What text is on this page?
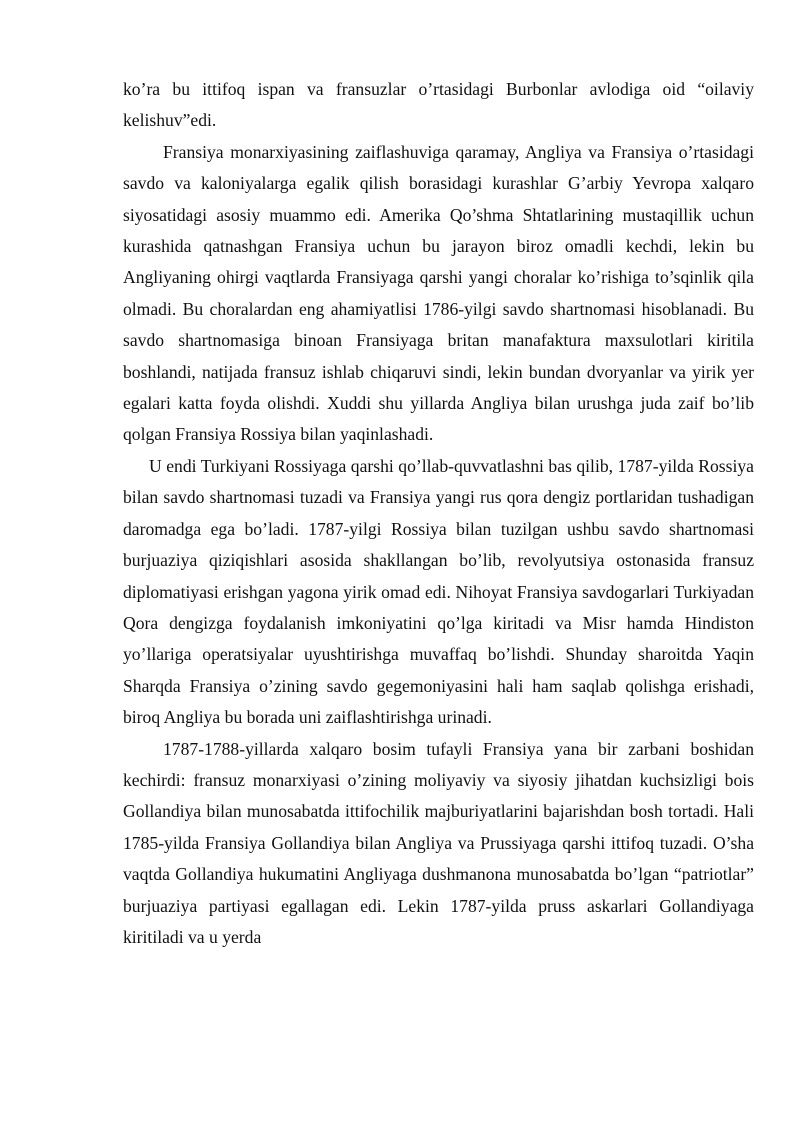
ko’ra bu ittifoq ispan va fransuzlar o’rtasidagi Burbonlar avlodiga oid “oilaviy kelishuv”edi.

Fransiya monarxiyasining zaiflashuviga qaramay, Angliya va Fransiya o’rtasidagi savdo va kaloniyalarga egalik qilish borasidagi kurashlar G’arbiy Yevropa xalqaro siyosatidagi asosiy muammo edi. Amerika Qo’shma Shtatlarining mustaqillik uchun kurashida qatnashgan Fransiya uchun bu jarayon biroz omadli kechdi, lekin bu Angliyaning ohirgi vaqtlarda Fransiyaga qarshi yangi choralar ko’rishiga to’sqinlik qila olmadi. Bu choralardan eng ahamiyatlisi 1786-yilgi savdo shartnomasi hisoblanadi. Bu savdo shartnomasiga binoan Fransiyaga britan manafaktura maxsulotlari kiritila boshlandi, natijada fransuz ishlab chiqaruvi sindi, lekin bundan dvoryanlar va yirik yer egalari katta foyda olishdi. Xuddi shu yillarda Angliya bilan urushga juda zaif bo’lib qolgan Fransiya Rossiya bilan yaqinlashadi.

U endi Turkiyani Rossiyaga qarshi qo’llab-quvvatlashni bas qilib, 1787-yilda Rossiya bilan savdo shartnomasi tuzadi va Fransiya yangi rus qora dengiz portlaridan tushadigan daromadga ega bo’ladi. 1787-yilgi Rossiya bilan tuzilgan ushbu savdo shartnomasi burjuaziya qiziqishlari asosida shakllangan bo’lib, revolyutsiya ostonasida fransuz diplomatiyasi erishgan yagona yirik omad edi. Nihoyat Fransiya savdogarlari Turkiyadan Qora dengizga foydalanish imkoniyatini qo’lga kiritadi va Misr hamda Hindiston yo’llariga operatsiyalar uyushtirishga muvaffaq bo’lishdi. Shunday sharoitda Yaqin Sharqda Fransiya o’zining savdo gegemoniyasini hali ham saqlab qolishga erishadi, biroq Angliya bu borada uni zaiflashtirishga urinadi.

1787-1788-yillarda xalqaro bosim tufayli Fransiya yana bir zarbani boshidan kechirdi: fransuz monarxiyasi o’zining moliyaviy va siyosiy jihatdan kuchsizligi bois Gollandiya bilan munosabatda ittifochilik majburiyatlarini bajarishdan bosh tortadi. Hali 1785-yilda Fransiya Gollandiya bilan Angliya va Prussiyaga qarshi ittifoq tuzadi. O’sha vaqtda Gollandiya hukumatini Angliyaga dushmanona munosabatda bo’lgan “patriotlar” burjuaziya partiyasi egallagan edi. Lekin 1787-yilda pruss askarlari Gollandiyaga kiritiladi va u yerda
